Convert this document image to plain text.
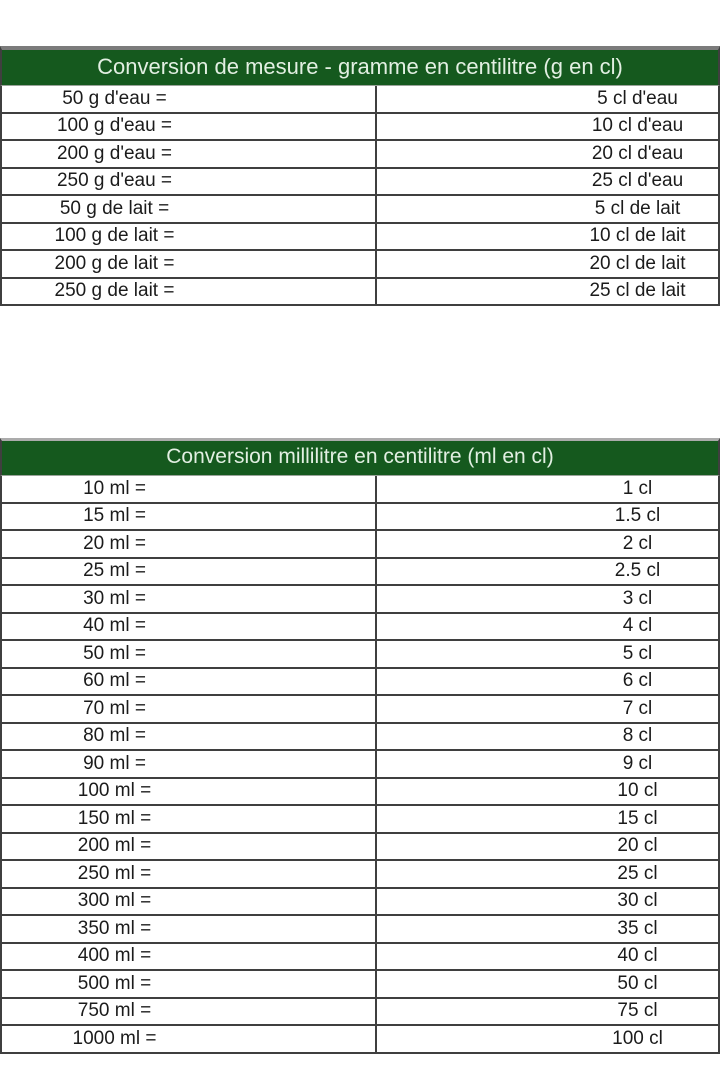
Conversion de mesure - gramme en centilitre (g en cl)
50 g d'eau =	5 cl d'eau
100 g d'eau =	10 cl d'eau
200 g d'eau =	20 cl d'eau
250 g d'eau =	25 cl d'eau
50 g de lait =	5 cl de lait
100 g de lait =	10 cl de lait
200 g de lait =	20 cl de lait
250 g de lait =	25 cl de lait
Conversion millilitre en centilitre (ml en cl)
10 ml =	1 cl
15 ml =	1.5 cl
20 ml =	2 cl
25 ml =	2.5 cl
30 ml =	3 cl
40 ml =	4 cl
50 ml =	5 cl
60 ml =	6 cl
70 ml =	7 cl
80 ml =	8 cl
90 ml =	9 cl
100 ml =	10 cl
150 ml =	15 cl
200 ml =	20 cl
250 ml =	25 cl
300 ml =	30 cl
350 ml =	35 cl
400 ml =	40 cl
500 ml =	50 cl
750 ml =	75 cl
1000 ml =	100 cl
